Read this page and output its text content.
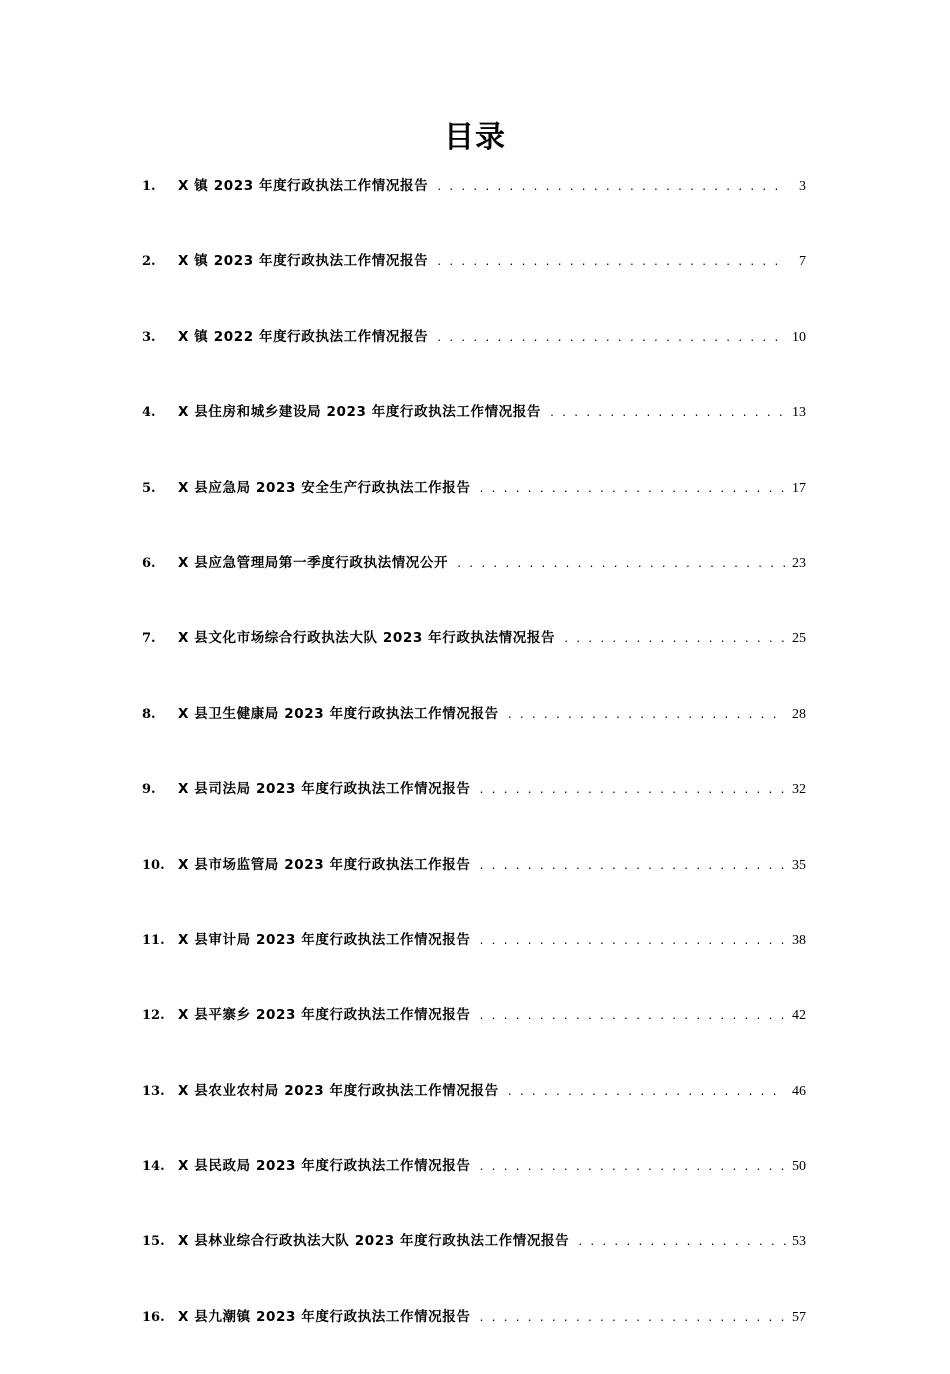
目录
1.	X 镇 2023 年度行政执法工作情况报告 . . .	3
2.	X 镇 2023 年度行政执法工作情况报告 . . .	7
3.	X 镇 2022 年度行政执法工作情况报告 . . .	10
4.	X 县住房和城乡建设局 2023 年度行政执法工作情况报告 . . .	13
5.	X 县应急局 2023 安全生产行政执法工作报告 . . .	17
6.	X 县应急管理局第一季度行政执法情况公开 . . .	23
7.	X 县文化市场综合行政执法大队 2023 年行政执法情况报告 . . .	25
8.	X 县卫生健康局 2023 年度行政执法工作情况报告 . . .	28
9.	X 县司法局 2023 年度行政执法工作情况报告 . . .	32
10. X 县市场监管局 2023 年度行政执法工作报告 . . .	35
11. X 县审计局 2023 年度行政执法工作情况报告 . . .	38
12. X 县平寨乡 2023 年度行政执法工作情况报告 . . .	42
13. X 县农业农村局 2023 年度行政执法工作情况报告 . . .	46
14. X 县民政局 2023 年度行政执法工作情况报告 . . .	50
15. X 县林业综合行政执法大队 2023 年度行政执法工作情况报告 . . .	53
16. X 县九潮镇 2023 年度行政执法工作情况报告 . . .	57
